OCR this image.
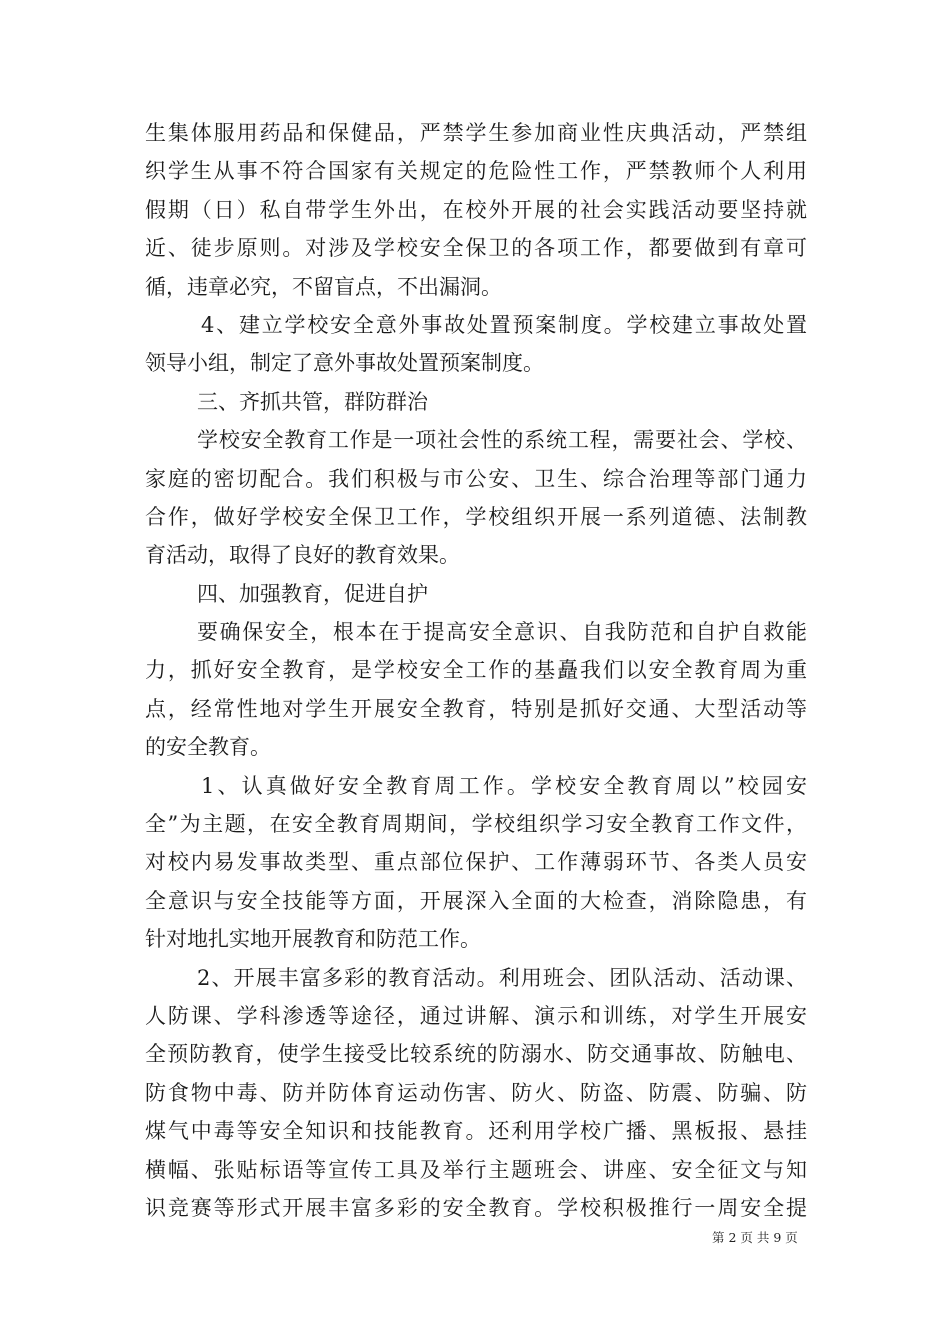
生集体服用药品和保健品，严禁学生参加商业性庆典活动，严禁组
织学生从事不符合国家有关规定的危险性工作，严禁教师个人利用
假期（日）私自带学生外出，在校外开展的社会实践活动要坚持就
近、徒步原则。对涉及学校安全保卫的各项工作，都要做到有章可
循，违章必究，不留盲点，不出漏洞。
4、建立学校安全意外事故处置预案制度。学校建立事故处置
领导小组，制定了意外事故处置预案制度。
三、齐抓共管，群防群治
学校安全教育工作是一项社会性的系统工程，需要社会、学校、
家庭的密切配合。我们积极与市公安、卫生、综合治理等部门通力
合作，做好学校安全保卫工作，学校组织开展一系列道德、法制教
育活动，取得了良好的教育效果。
四、加强教育，促进自护
要确保安全，根本在于提高安全意识、自我防范和自护自救能
力，抓好安全教育，是学校安全工作的基矗我们以安全教育周为重
点，经常性地对学生开展安全教育，特别是抓好交通、大型活动等
的安全教育。
1、认真做好安全教育周工作。学校安全教育周以”校园安
全”为主题，在安全教育周期间，学校组织学习安全教育工作文件，
对校内易发事故类型、重点部位保护、工作薄弱环节、各类人员安
全意识与安全技能等方面，开展深入全面的大检查，消除隐患，有
针对地扎实地开展教育和防范工作。
2、开展丰富多彩的教育活动。利用班会、团队活动、活动课、
人防课、学科渗透等途径，通过讲解、演示和训练，对学生开展安
全预防教育，使学生接受比较系统的防溺水、防交通事故、防触电、
防食物中毒、防并防体育运动伤害、防火、防盗、防震、防骗、防
煤气中毒等安全知识和技能教育。还利用学校广播、黑板报、悬挂
横幅、张贴标语等宣传工具及举行主题班会、讲座、安全征文与知
识竞赛等形式开展丰富多彩的安全教育。学校积极推行一周安全提
第 2 页 共 9 页
